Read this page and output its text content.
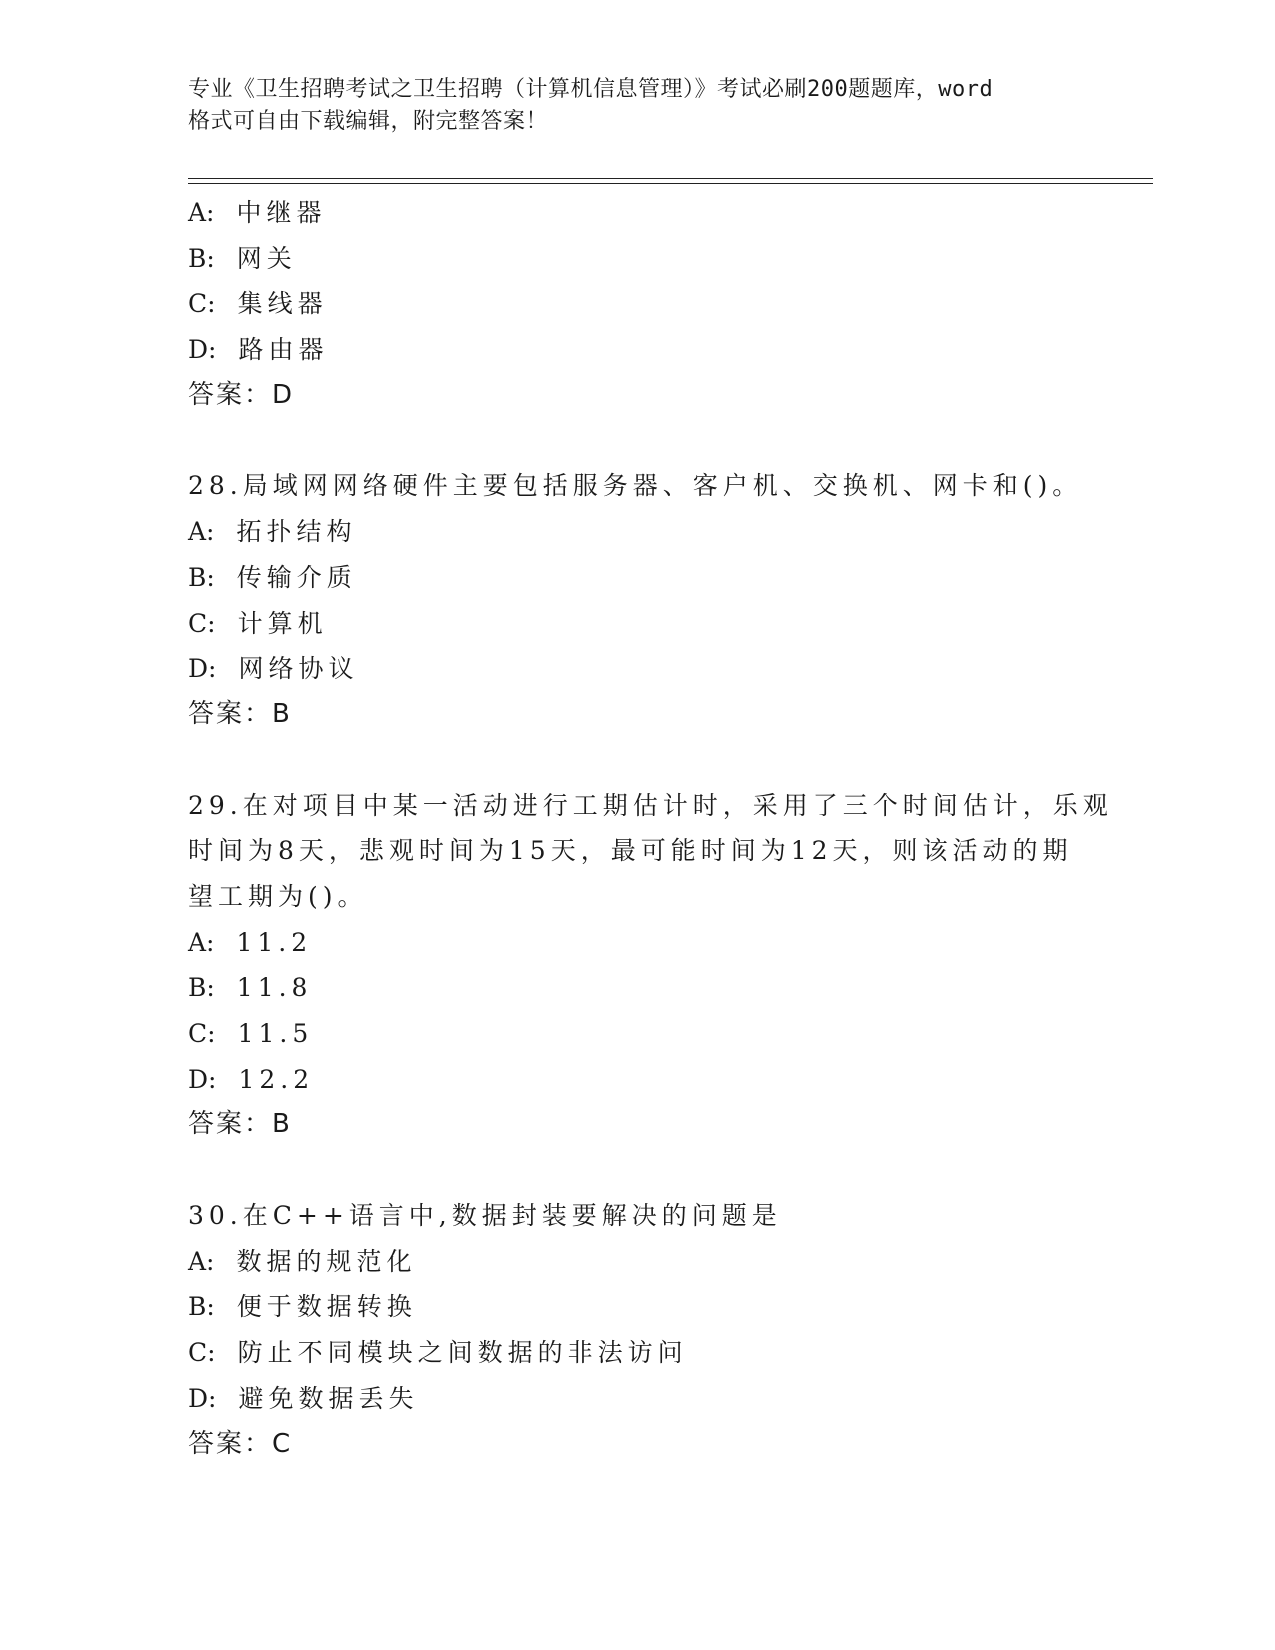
专业《卫生招聘考试之卫生招聘（计算机信息管理）》考试必刷200题题库，word
格式可自由下载编辑，附完整答案！
A: 中继器
B: 网关
C: 集线器
D: 路由器
答案：D
28.局域网网络硬件主要包括服务器、客户机、交换机、网卡和()。
A: 拓扑结构
B: 传输介质
C: 计算机
D: 网络协议
答案：B
29.在对项目中某一活动进行工期估计时，采用了三个时间估计，乐观
时间为8天，悲观时间为15天，最可能时间为12天，则该活动的期
望工期为()。
A: 11.2
B: 11.8
C: 11.5
D: 12.2
答案：B
30.在C++语言中,数据封装要解决的问题是
A: 数据的规范化
B: 便于数据转换
C: 防止不同模块之间数据的非法访问
D: 避免数据丢失
答案：C
